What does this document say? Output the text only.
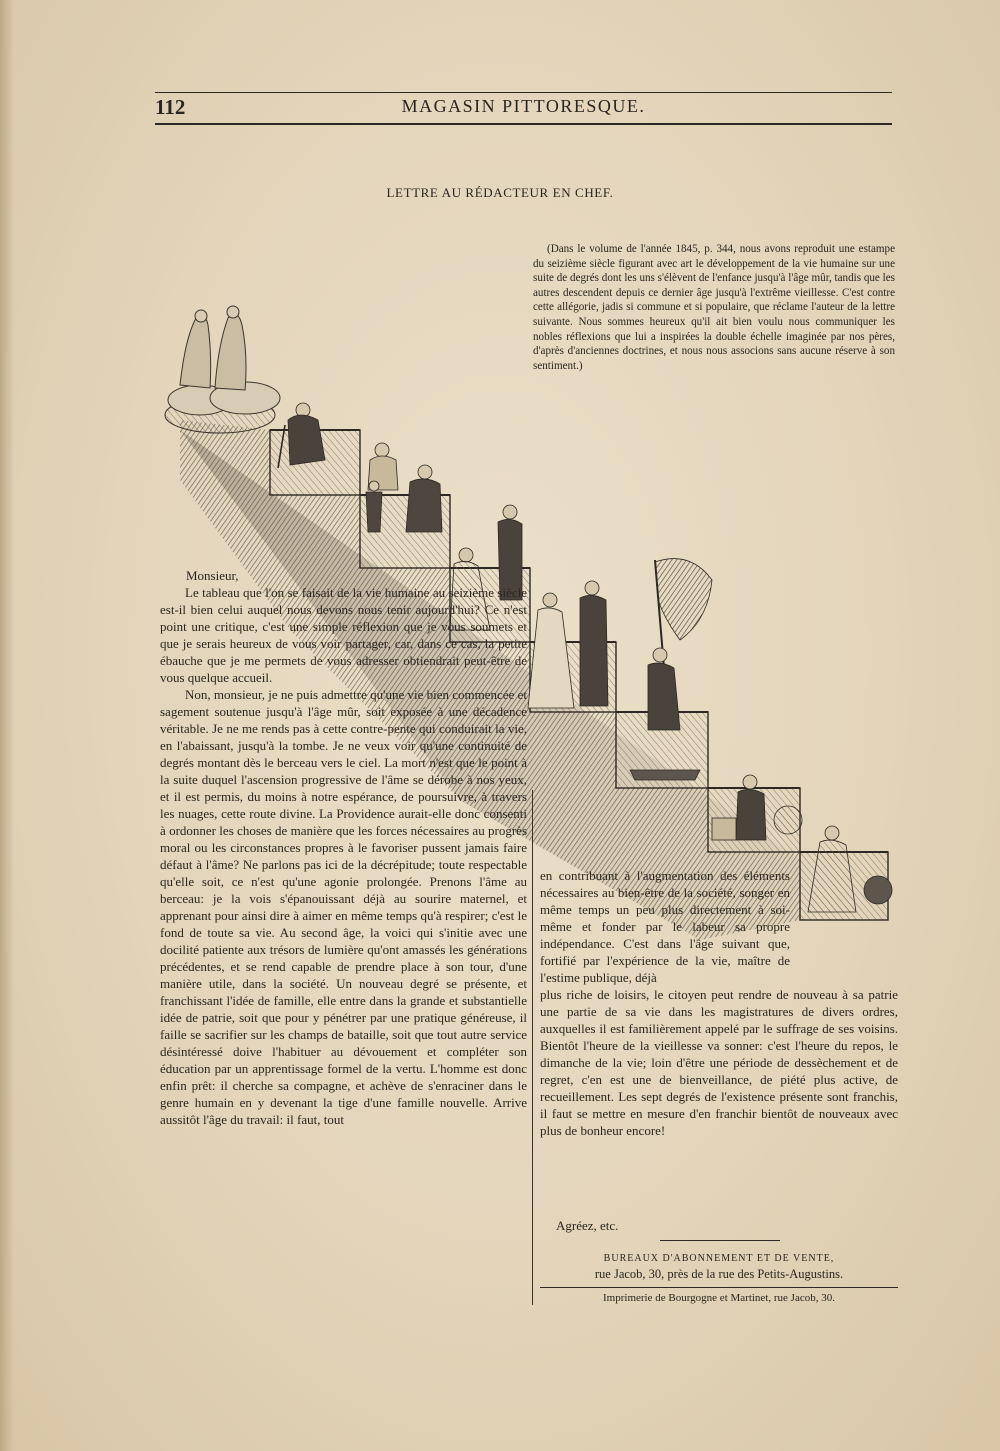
112	MAGASIN PITTORESQUE.
LETTRE AU RÉDACTEUR EN CHEF.
(Dans le volume de l'année 1845, p. 344, nous avons reproduit une estampe du seizième siècle figurant avec art le développement de la vie humaine sur une suite de degrés dont les uns s'élèvent de l'enfance jusqu'à l'âge mûr, tandis que les autres descendent depuis ce dernier âge jusqu'à l'extrême vieillesse. C'est contre cette allégorie, jadis si commune et si populaire, que réclame l'auteur de la lettre suivante. Nous sommes heureux qu'il ait bien voulu nous communiquer les nobles réflexions que lui a inspirées la double échelle imaginée par nos pères, d'après d'anciennes doctrines, et nous nous associons sans aucune réserve à son sentiment.)

Monsieur,

Le tableau que l'on se faisait de la vie humaine au seizième siècle est-il bien celui auquel nous devons nous tenir aujourd'hui? Ce n'est point une critique, c'est une simple réflexion que je vous soumets et que je serais heureux de vous voir partager, car, dans ce cas, la petite ébauche que je me permets de vous adresser obtiendrait peut-être de vous quelque accueil.

Non, monsieur, je ne puis admettre qu'une vie bien commencée et sagement soutenue jusqu'à l'âge mûr, soit exposée à une décadence véritable. Je ne me rends pas à cette contre-pente qui conduirait la vie, en l'abaissant, jusqu'à la tombe. Je ne veux voir qu'une continuité de degrés montant dès le berceau vers le ciel. La mort n'est que le point à la suite duquel l'ascension progressive de l'âme se dérobe à nos yeux, et il est permis, du moins à notre espérance, de poursuivre, à travers les nuages, cette route divine. La Providence aurait-elle donc consenti à ordonner les choses de manière que les forces nécessaires au progrès moral ou les circonstances propres à le favoriser pussent jamais faire défaut à l'âme? Ne parlons pas ici de la décrépitude; toute respectable qu'elle soit, ce n'est qu'une agonie prolongée. Prenons l'âme au berceau: je la vois s'épanouissant déjà au sourire maternel, et apprenant pour ainsi dire à aimer en même temps qu'à respirer; c'est le fond de toute sa vie. Au second âge, la voici qui s'initie avec une docilité patiente aux trésors de lumière qu'ont amassés les générations précédentes, et se rend capable de prendre place à son tour, d'une manière utile, dans la société. Un nouveau degré se présente, et franchissant l'idée de famille, elle entre dans la grande et substantielle idée de patrie, soit que pour y pénétrer par une pratique généreuse, il faille se sacrifier sur les champs de bataille, soit que tout autre service désintéressé doive l'habituer au dévouement et compléter son éducation par un apprentissage formel de la vertu. L'homme est donc enfin prêt: il cherche sa compagne, et achève de s'enraciner dans le genre humain en y devenant la tige d'une famille nouvelle. Arrive aussitôt l'âge du travail: il faut, tout

en contribuant à l'augmentation des éléments nécessaires au bien-être de la société, songer en même temps un peu plus directement à soi-même et fonder par le labeur sa propre indépendance. C'est dans l'âge suivant que, fortifié par l'expérience de la vie, maître de l'estime publique, déjà

plus riche de loisirs, le citoyen peut rendre de nouveau à sa patrie une partie de sa vie dans les magistratures de divers ordres, auxquelles il est familièrement appelé par le suffrage de ses voisins. Bientôt l'heure de la vieillesse va sonner: c'est l'heure du repos, le dimanche de la vie; loin d'être une période de dessèchement et de regret, c'en est une de bienveillance, de piété plus active, de recueillement. Les sept degrés de l'existence présente sont franchis, il faut se mettre en mesure d'en franchir bientôt de nouveaux avec plus de bonheur encore!

Agréez, etc.
BUREAUX D'ABONNEMENT ET DE VENTE,
rue Jacob, 30, près de la rue des Petits-Augustins.
Imprimerie de Bourgogne et Martinet, rue Jacob, 30.
